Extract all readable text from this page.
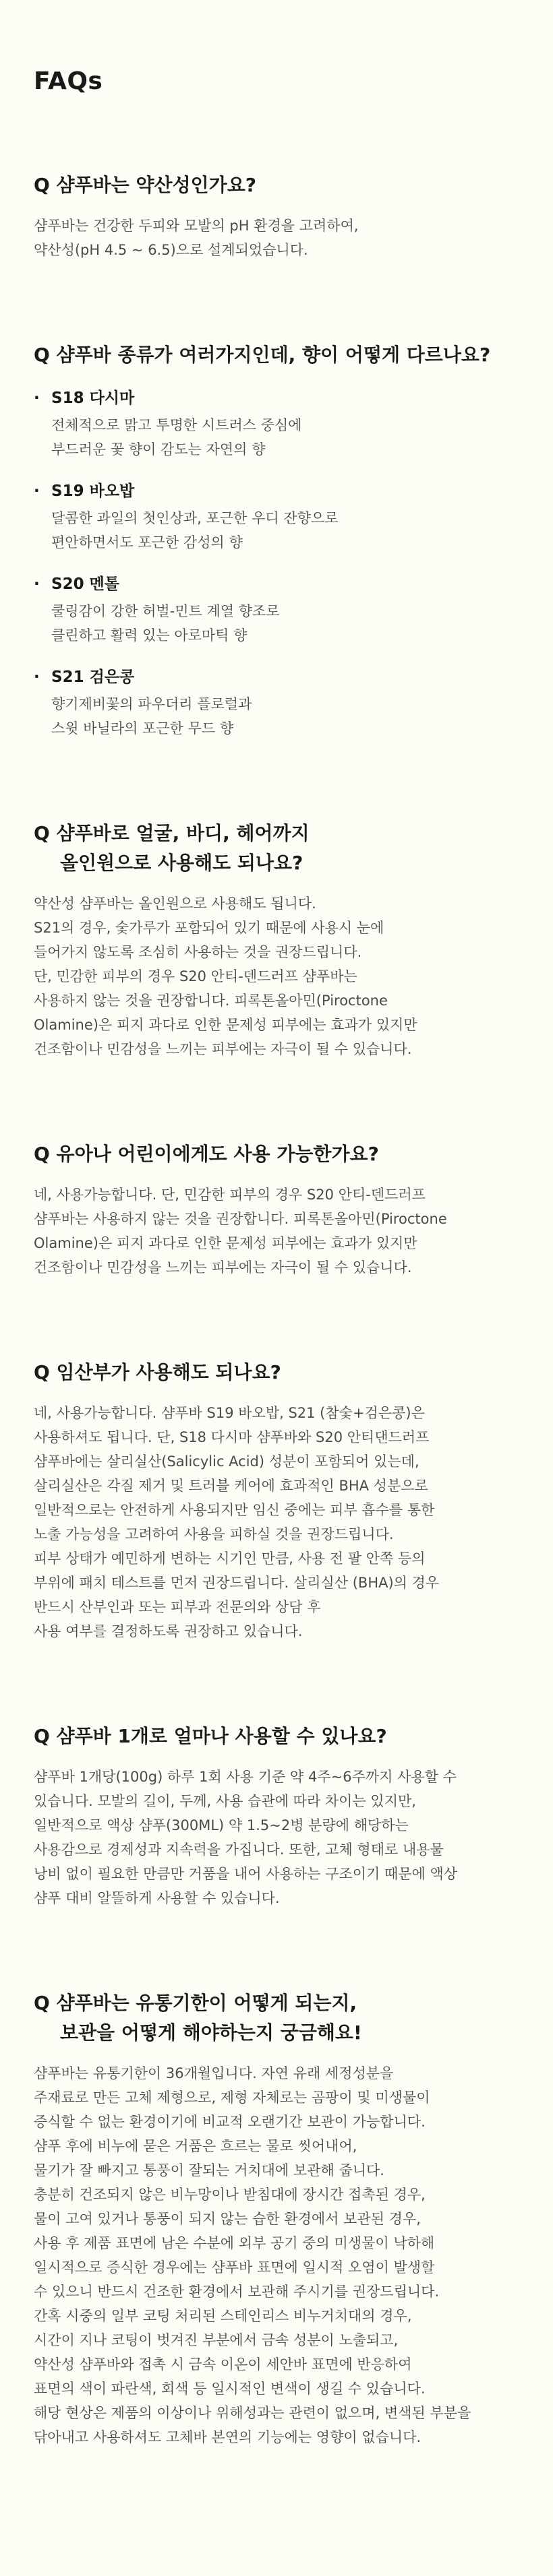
FAQs
Q 샴푸바는 약산성인가요?

샴푸바는 건강한 두피와 모발의 pH 환경을 고려하여,
약산성(pH 4.5 ~ 6.5)으로 설계되었습니다.

Q 샴푸바 종류가 여러가지인데, 향이 어떻게 다르나요?
· S18 다시마
전체적으로 맑고 투명한 시트러스 중심에
부드러운 꽃 향이 감도는 자연의 향
· S19 바오밥
달콤한 과일의 첫인상과, 포근한 우디 잔향으로
편안하면서도 포근한 감성의 향
· S20 멘톨
쿨링감이 강한 허벌-민트 계열 향조로
클린하고 활력 있는 아로마틱 향
· S21 검은콩
향기제비꽃의 파우더리 플로럴과
스윗 바닐라의 포근한 무드 향
Q 샴푸바로 얼굴, 바디, 헤어까지
올인원으로 사용해도 되나요?

약산성 샴푸바는 올인원으로 사용해도 됩니다.
S21의 경우, 숯가루가 포함되어 있기 때문에 사용시 눈에
들어가지 않도록 조심히 사용하는 것을 권장드립니다.
단, 민감한 피부의 경우 S20 안티-덴드러프 샴푸바는
사용하지 않는 것을 권장합니다. 피록톤올아민(Piroctone
Olamine)은 피지 과다로 인한 문제성 피부에는 효과가 있지만
건조함이나 민감성을 느끼는 피부에는 자극이 될 수 있습니다.

Q 유아나 어린이에게도 사용 가능한가요?

네, 사용가능합니다. 단, 민감한 피부의 경우 S20 안티-덴드러프
샴푸바는 사용하지 않는 것을 권장합니다. 피록톤올아민(Piroctone
Olamine)은 피지 과다로 인한 문제성 피부에는 효과가 있지만
건조함이나 민감성을 느끼는 피부에는 자극이 될 수 있습니다.

Q 임산부가 사용해도 되나요?

네, 사용가능합니다. 샴푸바 S19 바오밥, S21 (참숯+검은콩)은
사용하셔도 됩니다. 단, S18 다시마 샴푸바와 S20 안티댄드러프
샴푸바에는 살리실산(Salicylic Acid) 성분이 포함되어 있는데,
살리실산은 각질 제거 및 트러블 케어에 효과적인 BHA 성분으로
일반적으로는 안전하게 사용되지만 임신 중에는 피부 흡수를 통한
노출 가능성을 고려하여 사용을 피하실 것을 권장드립니다.
피부 상태가 예민하게 변하는 시기인 만큼, 사용 전 팔 안쪽 등의
부위에 패치 테스트를 먼저 권장드립니다. 살리실산 (BHA)의 경우
반드시 산부인과 또는 피부과 전문의와 상담 후
사용 여부를 결정하도록 권장하고 있습니다.

Q 샴푸바 1개로 얼마나 사용할 수 있나요?

샴푸바 1개당(100g) 하루 1회 사용 기준 약 4주~6주까지 사용할 수
있습니다. 모발의 길이, 두께, 사용 습관에 따라 차이는 있지만,
일반적으로 액상 샴푸(300ML) 약 1.5~2병 분량에 해당하는
사용감으로 경제성과 지속력을 가집니다. 또한, 고체 형태로 내용물
낭비 없이 필요한 만큼만 거품을 내어 사용하는 구조이기 때문에 액상
샴푸 대비 알뜰하게 사용할 수 있습니다.

Q 샴푸바는 유통기한이 어떻게 되는지,
보관을 어떻게 해야하는지 궁금해요!

샴푸바는 유통기한이 36개월입니다. 자연 유래 세정성분을
주재료로 만든 고체 제형으로, 제형 자체로는 곰팡이 및 미생물이
증식할 수 없는 환경이기에 비교적 오랜기간 보관이 가능합니다.
샴푸 후에 비누에 묻은 거품은 흐르는 물로 씻어내어,
물기가 잘 빠지고 통풍이 잘되는 거치대에 보관해 줍니다.
충분히 건조되지 않은 비누망이나 받침대에 장시간 접촉된 경우,
물이 고여 있거나 통풍이 되지 않는 습한 환경에서 보관된 경우,
사용 후 제품 표면에 남은 수분에 외부 공기 중의 미생물이 낙하해
일시적으로 증식한 경우에는 샴푸바 표면에 일시적 오염이 발생할
수 있으니 반드시 건조한 환경에서 보관해 주시기를 권장드립니다.
간혹 시중의 일부 코팅 처리된 스테인리스 비누거치대의 경우,
시간이 지나 코팅이 벗겨진 부분에서 금속 성분이 노출되고,
약산성 샴푸바와 접촉 시 금속 이온이 세안바 표면에 반응하여
표면의 색이 파란색, 회색 등 일시적인 변색이 생길 수 있습니다.
해당 현상은 제품의 이상이나 위해성과는 관련이 없으며, 변색된 부분을
닦아내고 사용하셔도 고체바 본연의 기능에는 영향이 없습니다.
